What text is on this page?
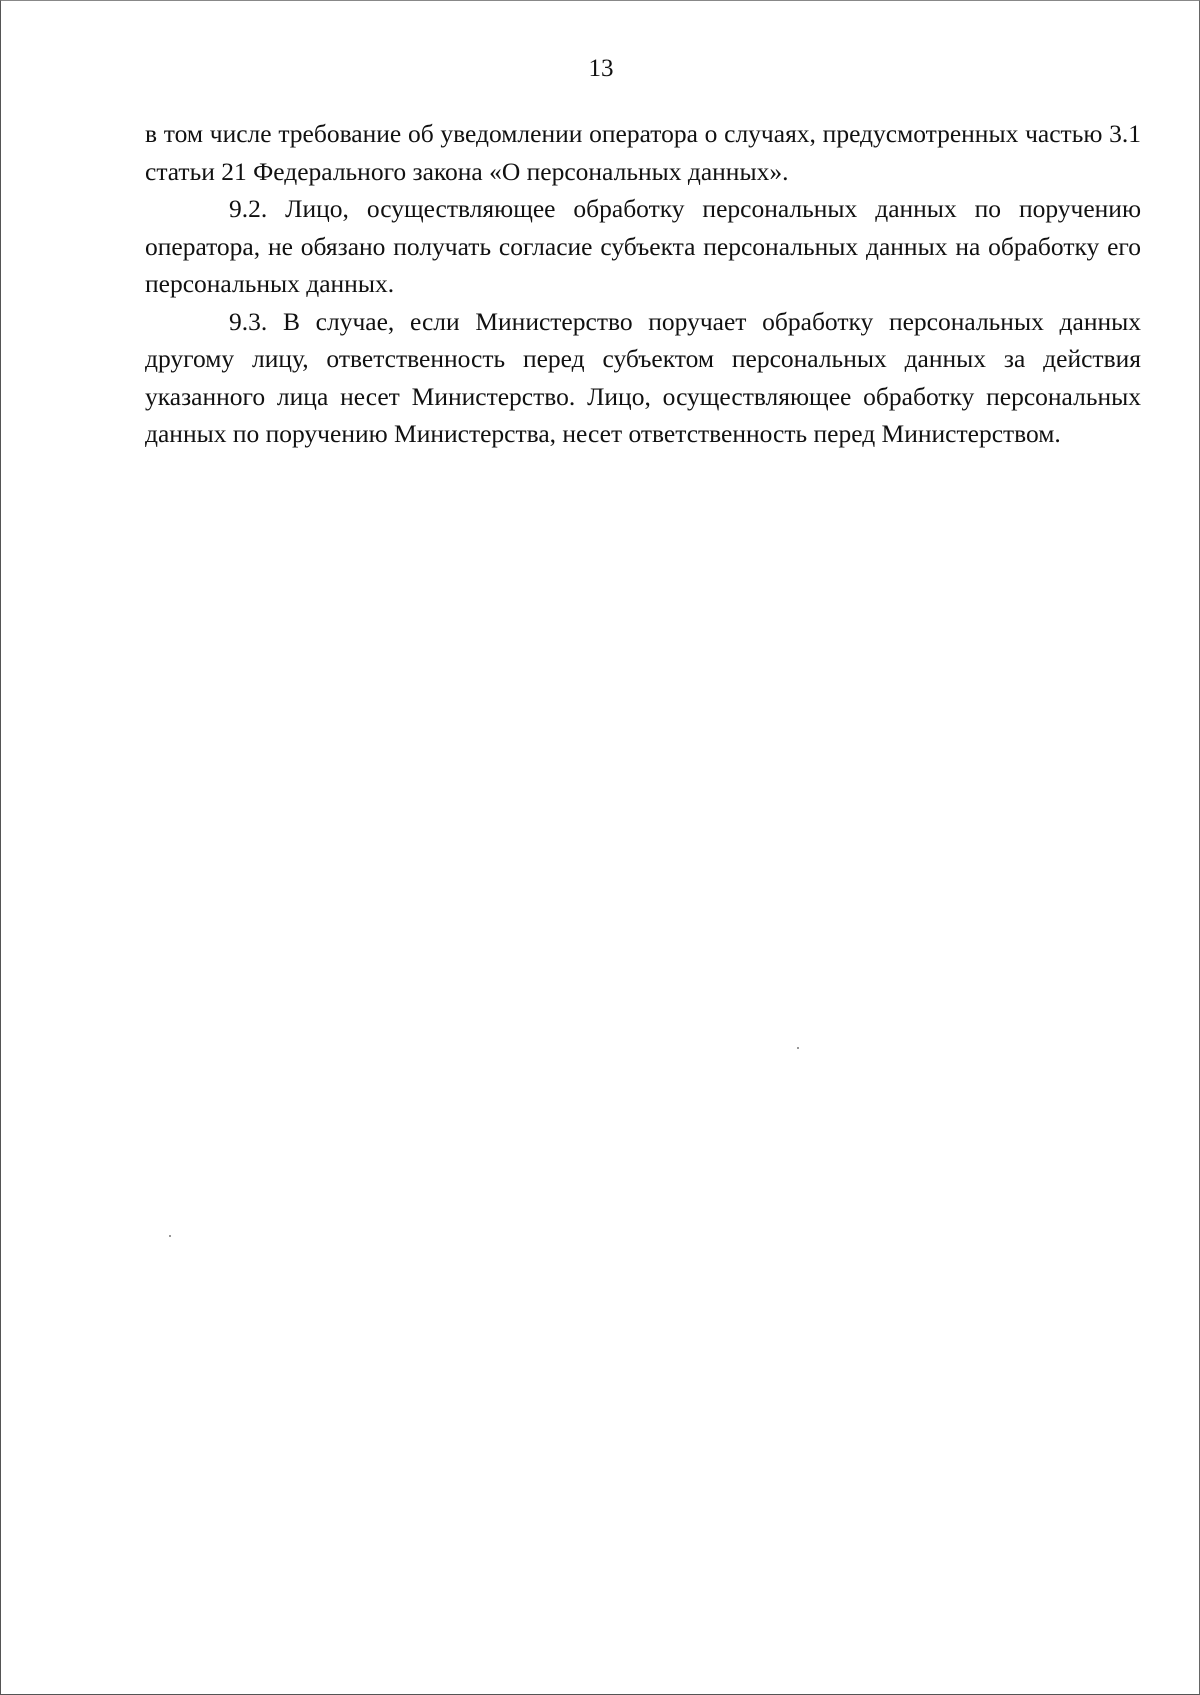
13

в том числе требование об уведомлении оператора о случаях, предусмотренных частью 3.1 статьи 21 Федерального закона «О персональных данных».

9.2. Лицо, осуществляющее обработку персональных данных по поручению оператора, не обязано получать согласие субъекта персональных данных на обработку его персональных данных.

9.3. В случае, если Министерство поручает обработку персональных данных другому лицу, ответственность перед субъектом персональных данных за действия указанного лица несет Министерство. Лицо, осуществляющее обработку персональных данных по поручению Министерства, несет ответственность перед Министерством.
